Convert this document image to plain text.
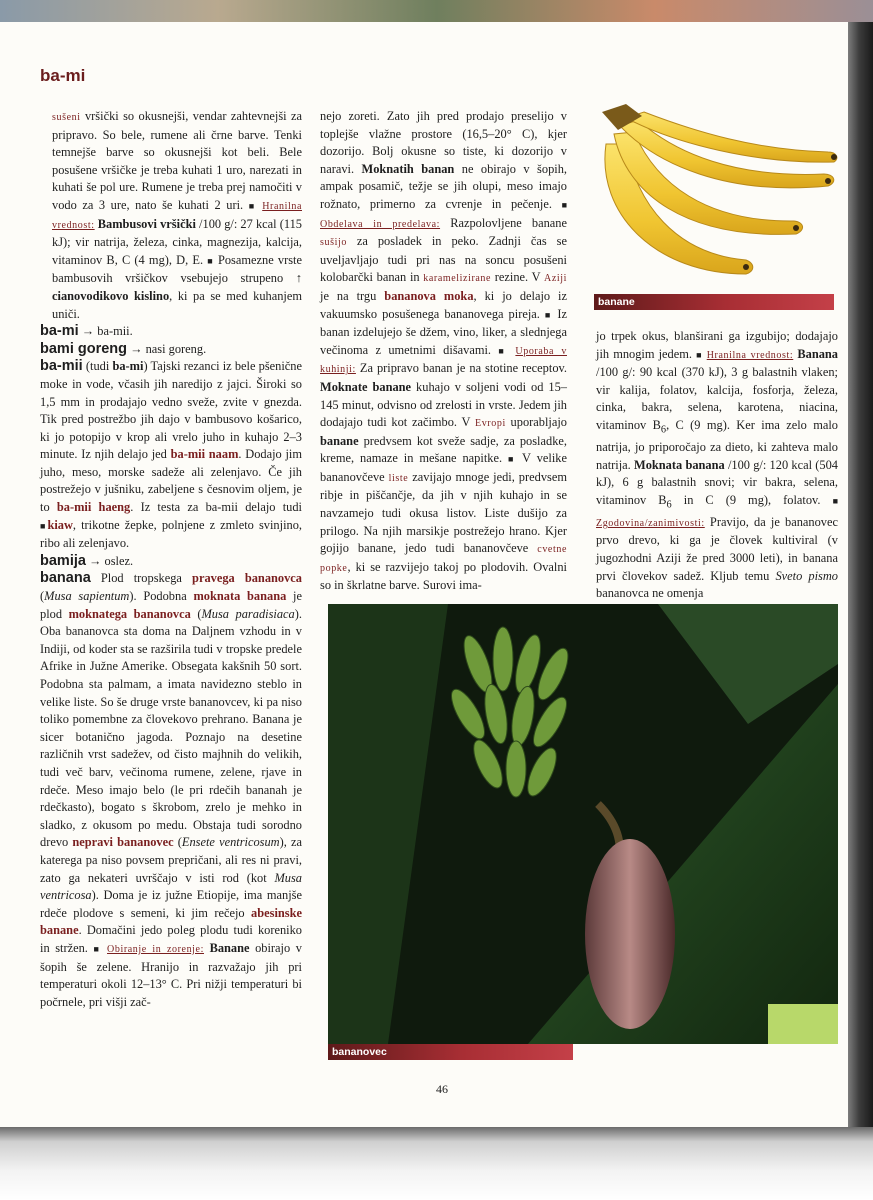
ba-mi

sušeni vršički so okusnejši, vendar zahtevnejši za pripravo. So bele, rumene ali črne barve. Tenki temnejše barve so okusnejši kot beli. Bele posušene vršičke je treba kuhati 1 uro, narezati in kuhati še pol ure. Rumene je treba prej namočiti v vodo za 3 ure, nato še kuhati 2 uri. ■ Hranilna vrednost: Bambusovi vršički /100 g/: 27 kcal (115 kJ); vir natrija, železa, cinka, magnezija, kalcija, vitaminov B, C (4 mg), D, E. ■ Posamezne vrste bambusovih vršičkov vsebujejo strupeno ↑ cianovodikovo kislino, ki pa se med kuhanjem uniči.

ba-mi → ba-mii.

bami goreng → nasi goreng.

ba-mii (tudi ba-mi) Tajski rezanci iz bele pšenične moke in vode, včasih jih naredijo z jajci. Široki so 1,5 mm in prodajajo vedno sveže, zvite v gnezda. Tik pred postrežbo jih dajo v bambusovo košarico, ki jo potopijo v krop ali vrelo juho in kuhajo 2–3 minute. Iz njih delajo jed ba-mii naam. Dodajo jim juho, meso, morske sadeže ali zelenjavo. Če jih postrežejo v jušniku, zabeljene s česnovim oljem, je to ba-mii haeng. Iz testa za ba-mii delajo tudi ■kiaw, trikotne žepke, polnjene z zmleto svinjino, ribo ali zelenjavo.

bamija → oslez.

banana Plod tropskega pravega bananovca (Musa sapientum). Podobna moknata banana je plod moknatega bananovca (Musa paradisiaca). Oba bananovca sta doma na Daljnem vzhodu in v Indiji, od koder sta se razširila tudi v tropske predele Afrike in Južne Amerike. Obsegata kakšnih 50 sort. Podobna sta palmam, a imata navidezno steblo in velike liste. So še druge vrste bananovcev, ki pa niso toliko pomembne za človekovo prehrano. Banana je sicer botanično jagoda. Poznajo na desetine različnih vrst sadežev, od čisto majhnih do velikih, tudi več barv, večinoma rumene, zelene, rjave in rdeče. Meso imajo belo (le pri rdečih bananah je rdečkasto), bogato s škrobom, zrelo je mehko in sladko, z okusom po medu. Obstaja tudi sorodno drevo nepravi bananovec (Ensete ventricosum), za katerega pa niso povsem prepričani, ali res ni pravi, zato ga nekateri uvrščajo v isti rod (kot Musa ventricosa). Doma je iz južne Etiopije, ima manjše rdeče plodove s semeni, ki jim rečejo abesinske banane. Domačini jedo poleg plodu tudi koreniko in stržen. ■ Obiranje in zorenje: Banane obirajo v šopih še zelene. Hranijo in razvažajo jih pri temperaturi okoli 12–13° C. Pri nižji temperaturi bi počrnele, pri višji zač-

nejo zoreti. Zato jih pred prodajo preselijo v toplejše vlažne prostore (16,5–20° C), kjer dozorijo. Bolj okusne so tiste, ki dozorijo v naravi. Moknatih banan ne obirajo v šopih, ampak posamič, težje se jih olupi, meso imajo rožnato, primerno za cvrenje in pečenje. ■ Obdelava in predelava: Razpolovljene banane sušijo za posladek in peko. Zadnji čas se uveljavljajo tudi pri nas na soncu posušeni kolobarčki banan in karamelizirane rezine. V Aziji je na trgu bananova moka, ki jo delajo iz vakuumsko posušenega bananovega pireja. ■ Iz banan izdelujejo še džem, vino, liker, a slednjega večinoma z umetnimi dišavami. ■ Uporaba v kuhinji: Za pripravo banan je na stotine receptov. Moknate banane kuhajo v soljeni vodi od 15–145 minut, odvisno od zrelosti in vrste. Jedem jih dodajajo tudi kot začimbo. V Evropi uporabljajo banane predvsem kot sveže sadje, za posladke, kreme, namaze in mešane napitke. ■ V velike bananovčeve liste zavijajo mnoge jedi, predvsem ribje in piščančje, da jih v njih kuhajo in se navzamejo tudi okusa listov. Liste dušijo za prilogo. Na njih marsikje postrežejo hrano. Kjer gojijo banane, jedo tudi bananovčeve cvetne popke, ki se razvijejo takoj po plodovih. Ovalni so in škrlatne barve. Surovi ima-

jo trpek okus, blanširani ga izgubijo; dodajajo jih mnogim jedem. ■ Hranilna vrednost: Banana /100 g/: 90 kcal (370 kJ), 3 g balastnih vlaken; vir kalija, folatov, kalcija, fosforja, železa, cinka, bakra, selena, karotena, niacina, vitaminov $B_6$, C (9 mg). Ker ima zelo malo natrija, jo priporočajo za dieto, ki zahteva malo natrija. Moknata banana /100 g/: 120 kcal (504 kJ), 6 g balastnih snovi; vir bakra, selena, vitaminov $B_6$ in C (9 mg), folatov. ■ Zgodovina/zanimivosti: Pravijo, da je bananovec prvo drevo, ki ga je človek kultiviral (v jugozhodni Aziji že pred 3000 leti), in banana prvi človekov sadež. Kljub temu Sveto pismo bananovca ne omenja

banane
bananovec
46
